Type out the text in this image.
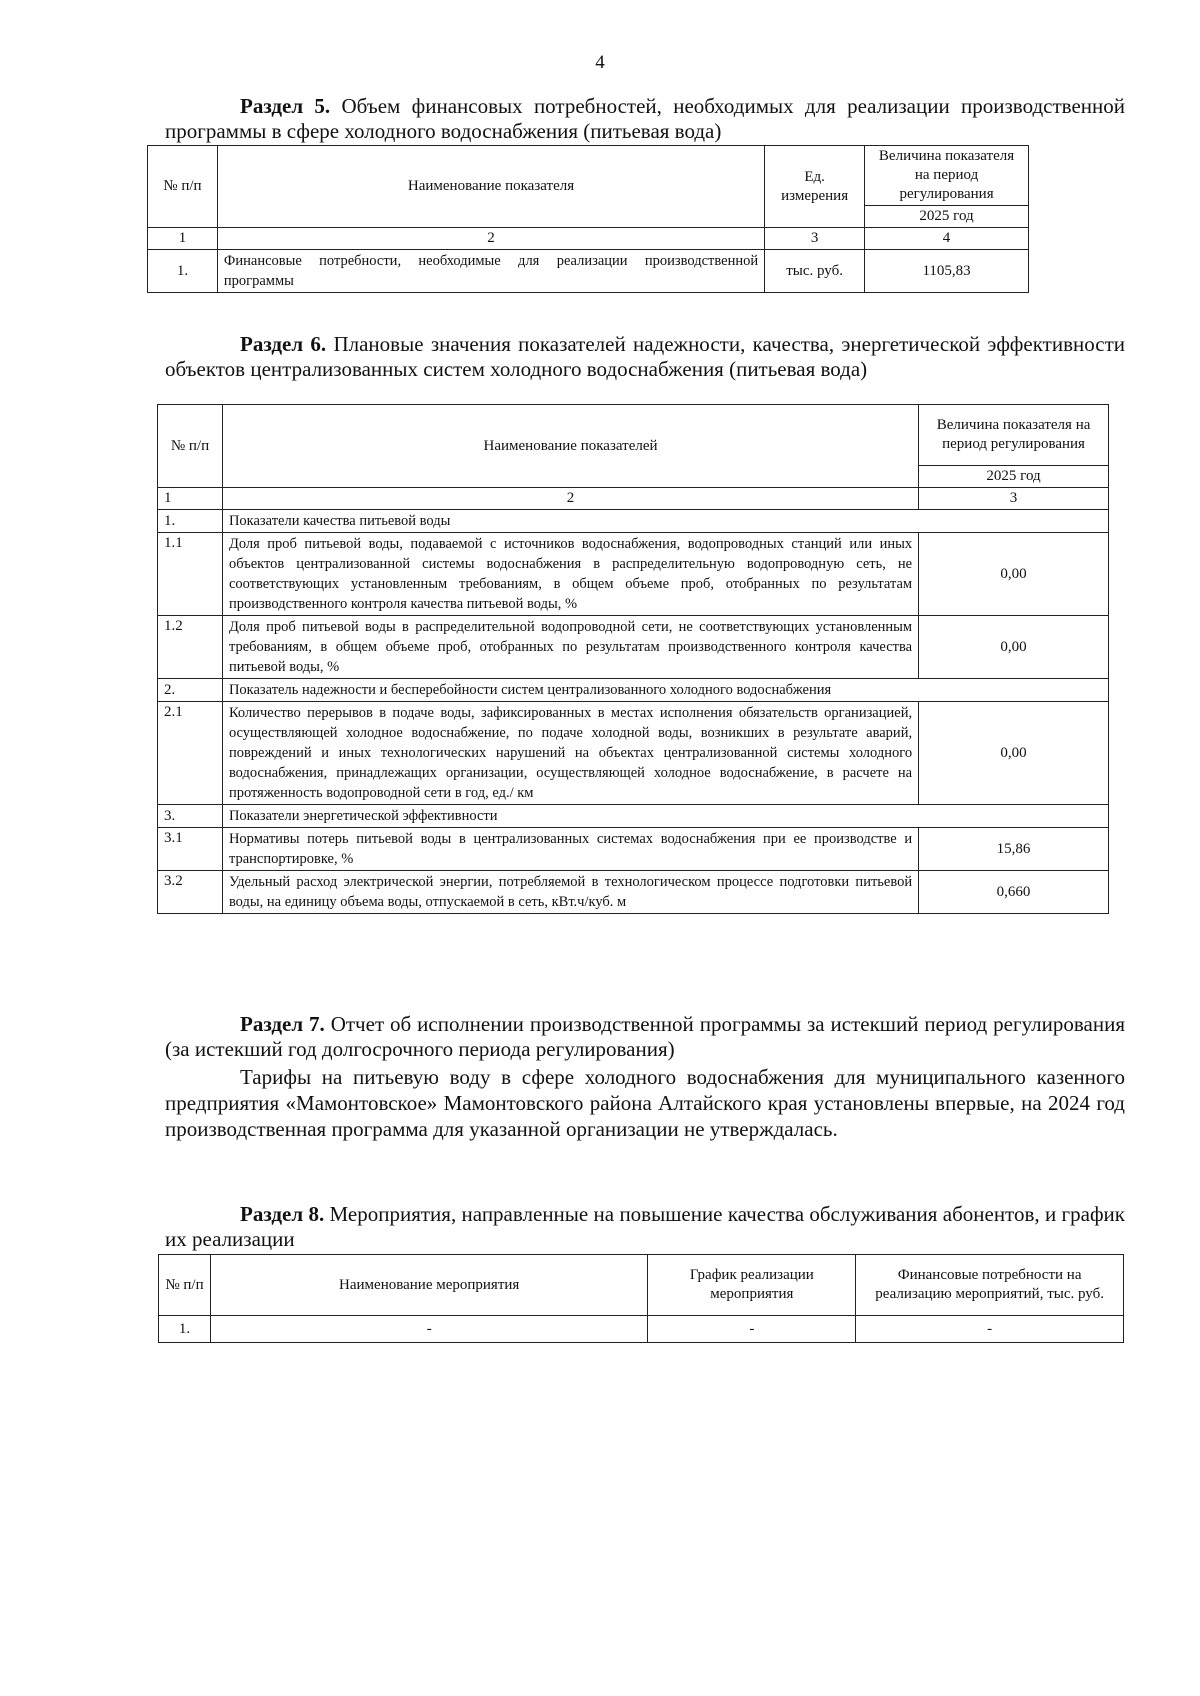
4
Раздел 5. Объем финансовых потребностей, необходимых для реализации производственной программы в сфере холодного водоснабжения (питьевая вода)
№ п/п	Наименование показателя	Ед. измерения	Величина показателя на период регулирования
			2025 год
1	2	3	4
1.	Финансовые потребности, необходимые для реализации производственной программы	тыс. руб.	1105,83
Раздел 6. Плановые значения показателей надежности, качества, энергетической эффективности объектов централизованных систем холодного водоснабжения (питьевая вода)
№ п/п	Наименование показателей	Величина показателя на период регулирования
		2025 год
1	2	3
1.	Показатели качества питьевой воды	
1.1	Доля проб питьевой воды, подаваемой с источников водоснабжения, водопроводных станций или иных объектов централизованной системы водоснабжения в распределительную водопроводную сеть, не соответствующих установленным требованиям, в общем объеме проб, отобранных по результатам производственного контроля качества питьевой воды, %	0,00
1.2	Доля проб питьевой воды в распределительной водопроводной сети, не соответствующих установленным требованиям, в общем объеме проб, отобранных по результатам производственного контроля качества питьевой воды, %	0,00
2.	Показатель надежности и бесперебойности систем централизованного холодного водоснабжения	
2.1	Количество перерывов в подаче воды, зафиксированных в местах исполнения обязательств организацией, осуществляющей холодное водоснабжение, по подаче холодной воды, возникших в результате аварий, повреждений и иных технологических нарушений на объектах централизованной системы холодного водоснабжения, принадлежащих организации, осуществляющей холодное водоснабжение, в расчете на протяженность водопроводной сети в год, ед./ км	0,00
3.	Показатели энергетической эффективности	
3.1	Нормативы потерь питьевой воды в централизованных системах водоснабжения при ее производстве и транспортировке, %	15,86
3.2	Удельный расход электрической энергии, потребляемой в технологическом процессе подготовки питьевой воды, на единицу объема воды, отпускаемой в сеть, кВт.ч/куб. м	0,660
Раздел 7. Отчет об исполнении производственной программы за истекший период регулирования (за истекший год долгосрочного периода регулирования)
Тарифы на питьевую воду в сфере холодного водоснабжения для муниципального казенного предприятия «Мамонтовское» Мамонтовского района Алтайского края установлены впервые, на 2024 год производственная программа для указанной организации не утверждалась.
Раздел 8. Мероприятия, направленные на повышение качества обслуживания абонентов, и график их реализации
№ п/п	Наименование мероприятия	График реализации мероприятия	Финансовые потребности на реализацию мероприятий, тыс. руб.
1.	-	-	-
